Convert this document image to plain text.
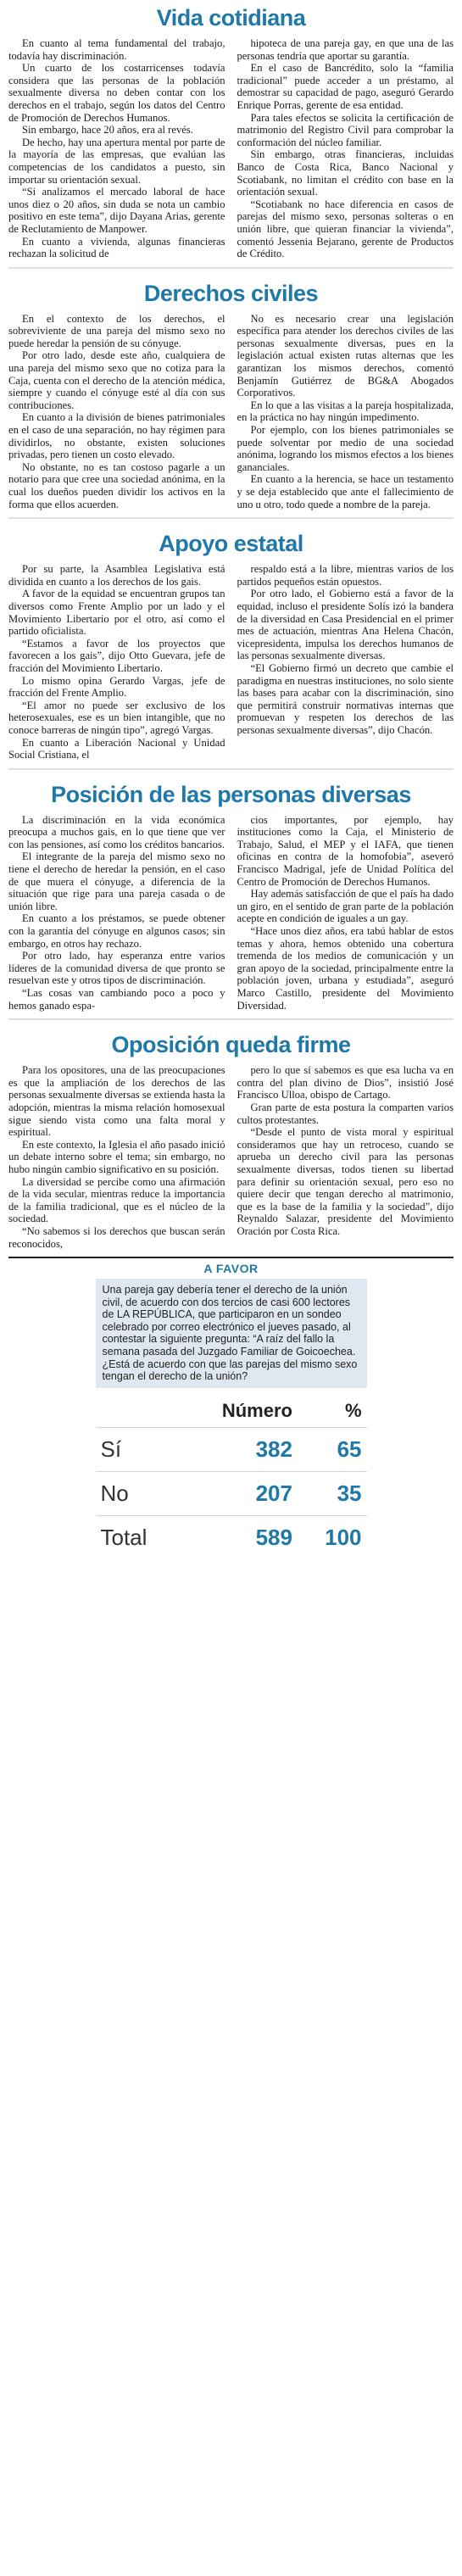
Vida cotidiana

En cuanto al tema fundamental del trabajo, todavía hay discriminación.

Un cuarto de los costarricenses todavía considera que las personas de la población sexualmente diversa no deben contar con los derechos en el trabajo, según los datos del Centro de Promoción de Derechos Humanos.

Sin embargo, hace 20 años, era al revés.

De hecho, hay una apertura mental por parte de la mayoría de las empresas, que evalúan las competencias de los candidatos a puesto, sin importar su orientación sexual.

“Si analizamos el mercado laboral de hace unos diez o 20 años, sin duda se nota un cambio positivo en este tema”, dijo Dayana Arias, gerente de Reclutamiento de Manpower.

En cuanto a vivienda, algunas financieras rechazan la solicitud de

hipoteca de una pareja gay, en que una de las personas tendría que aportar su garantía.

En el caso de Bancrédito, solo la “familia tradicional” puede acceder a un préstamo, al demostrar su capacidad de pago, aseguró Gerardo Enrique Porras, gerente de esa entidad.

Para tales efectos se solicita la certificación de matrimonio del Registro Civil para comprobar la conformación del núcleo familiar.

Sin embargo, otras financieras, incluidas Banco de Costa Rica, Banco Nacional y Scotiabank, no limitan el crédito con base en la orientación sexual.

“Scotiabank no hace diferencia en casos de parejas del mismo sexo, personas solteras o en unión libre, que quieran financiar la vivienda”, comentó Jessenia Bejarano, gerente de Productos de Crédito.

Derechos civiles

En el contexto de los derechos, el sobreviviente de una pareja del mismo sexo no puede heredar la pensión de su cónyuge.

Por otro lado, desde este año, cualquiera de una pareja del mismo sexo que no cotiza para la Caja, cuenta con el derecho de la atención médica, siempre y cuando el cónyuge esté al día con sus contribuciones.

En cuanto a la división de bienes patrimoniales en el caso de una separación, no hay régimen para dividirlos, no obstante, existen soluciones privadas, pero tienen un costo elevado.

No obstante, no es tan costoso pagarle a un notario para que cree una sociedad anónima, en la cual los dueños pueden dividir los activos en la forma que ellos acuerden.

No es necesario crear una legislación específica para atender los derechos civiles de las personas sexualmente diversas, pues en la legislación actual existen rutas alternas que les garantizan los mismos derechos, comentó Benjamín Gutiérrez de BG&A Abogados Corporativos.

En lo que a las visitas a la pareja hospitalizada, en la práctica no hay ningún impedimento.

Por ejemplo, con los bienes patrimoniales se puede solventar por medio de una sociedad anónima, logrando los mismos efectos a los bienes gananciales.

En cuanto a la herencia, se hace un testamento y se deja establecido que ante el fallecimiento de uno u otro, todo quede a nombre de la pareja.

Apoyo estatal

Por su parte, la Asamblea Legislativa está dividida en cuanto a los derechos de los gais.

A favor de la equidad se encuentran grupos tan diversos como Frente Amplio por un lado y el Movimiento Libertario por el otro, así como el partido oficialista.

“Estamos a favor de los proyectos que favorecen a los gais”, dijo Otto Guevara, jefe de fracción del Movimiento Libertario.

Lo mismo opina Gerardo Vargas, jefe de fracción del Frente Amplio.

“El amor no puede ser exclusivo de los heterosexuales, ese es un bien intangible, que no conoce barreras de ningún tipo”, agregó Vargas.

En cuanto a Liberación Nacional y Unidad Social Cristiana, el

respaldo está a la libre, mientras varios de los partidos pequeños están opuestos.

Por otro lado, el Gobierno está a favor de la equidad, incluso el presidente Solís izó la bandera de la diversidad en Casa Presidencial en el primer mes de actuación, mientras Ana Helena Chacón, vicepresidenta, impulsa los derechos humanos de las personas sexualmente diversas.

“El Gobierno firmó un decreto que cambie el paradigma en nuestras instituciones, no solo siente las bases para acabar con la discriminación, sino que permitirá construir normativas internas que promuevan y respeten los derechos de las personas sexualmente diversas”, dijo Chacón.

Posición de las personas diversas

La discriminación en la vida económica preocupa a muchos gais, en lo que tiene que ver con las pensiones, así como los créditos bancarios.

El integrante de la pareja del mismo sexo no tiene el derecho de heredar la pensión, en el caso de que muera el cónyuge, a diferencia de la situación que rige para una pareja casada o de unión libre.

En cuanto a los préstamos, se puede obtener con la garantía del cónyuge en algunos casos; sin embargo, en otros hay rechazo.

Por otro lado, hay esperanza entre varios líderes de la comunidad diversa de que pronto se resuelvan este y otros tipos de discriminación.

“Las cosas van cambiando poco a poco y hemos ganado espa-

cios importantes, por ejemplo, hay instituciones como la Caja, el Ministerio de Trabajo, Salud, el MEP y el IAFA, que tienen oficinas en contra de la homofobia”, aseveró Francisco Madrigal, jefe de Unidad Política del Centro de Promoción de Derechos Humanos.

Hay además satisfacción de que el país ha dado un giro, en el sentido de gran parte de la población acepte en condición de iguales a un gay.

“Hace unos diez años, era tabú hablar de estos temas y ahora, hemos obtenido una cobertura tremenda de los medios de comunicación y un gran apoyo de la sociedad, principalmente entre la población joven, urbana y estudiada”, aseguró Marco Castillo, presidente del Movimiento Diversidad.

Oposición queda firme

Para los opositores, una de las preocupaciones es que la ampliación de los derechos de las personas sexualmente diversas se extienda hasta la adopción, mientras la misma relación homosexual sigue siendo vista como una falta moral y espiritual.

En este contexto, la Iglesia el año pasado inició un debate interno sobre el tema; sin embargo, no hubo ningún cambio significativo en su posición.

La diversidad se percibe como una afirmación de la vida secular, mientras reduce la importancia de la familia tradicional, que es el núcleo de la sociedad.

“No sabemos si los derechos que buscan serán reconocidos,

pero lo que sí sabemos es que esa lucha va en contra del plan divino de Dios”, insistió José Francisco Ulloa, obispo de Cartago.

Gran parte de esta postura la comparten varios cultos protestantes.

“Desde el punto de vista moral y espiritual consideramos que hay un retroceso, cuando se aprueba un derecho civil para las personas sexualmente diversas, todos tienen su libertad para definir su orientación sexual, pero eso no quiere decir que tengan derecho al matrimonio, que es la base de la familia y la sociedad”, dijo Reynaldo Salazar, presidente del Movimiento Oración por Costa Rica.

A FAVOR
Una pareja gay debería tener el derecho de la unión civil, de acuerdo con dos tercios de casi 600 lectores de LA REPÚBLICA, que participaron en un sondeo celebrado por correo electrónico el jueves pasado, al contestar la siguiente pregunta: “A raíz del fallo la semana pasada del Juzgado Familiar de Goicoechea. ¿Está de acuerdo con que las parejas del mismo sexo tengan el derecho de la unión?
	Número	%
Sí	382	65
No	207	35
Total	589	100
